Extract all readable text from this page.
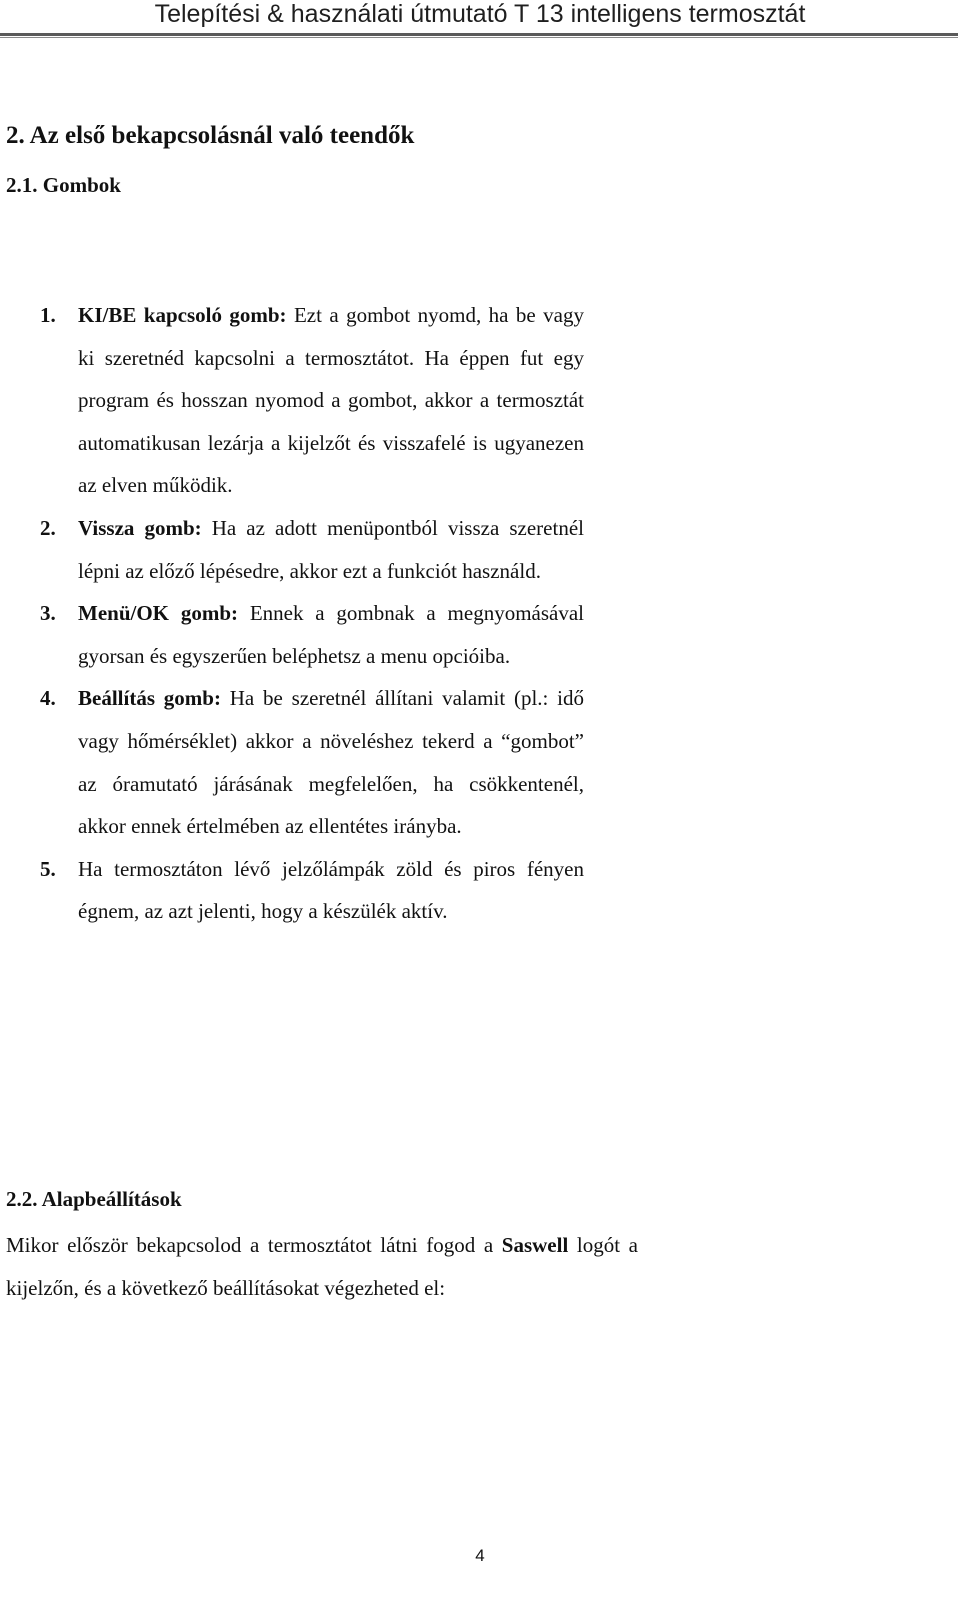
Telepítési & használati útmutató T 13 intelligens termosztát
2. Az első bekapcsolásnál való teendők
2.1. Gombok
1.	KI/BE kapcsoló gomb: Ezt a gombot nyomd, ha be vagy ki szeretnéd kapcsolni a termosztátot. Ha éppen fut egy program és hosszan nyomod a gombot, akkor a termosztát automatikusan lezárja a kijelzőt és visszafelé is ugyanezen az elven működik.
2.	Vissza gomb: Ha az adott menüpontból vissza szeretnél lépni az előző lépésedre, akkor ezt a funkciót használd.
3.	Menü/OK gomb: Ennek a gombnak a megnyomásával gyorsan és egyszerűen beléphetsz a menu opcióiba.
4.	Beállítás gomb: Ha be szeretnél állítani valamit (pl.: idő vagy hőmérséklet) akkor a növeléshez tekerd a “gombot” az óramutató járásának megfelelően, ha csökkentenél, akkor ennek értelmében az ellentétes irányba.
5.	Ha termosztáton lévő jelzőlámpák zöld és piros fényen égnem, az azt jelenti, hogy a készülék aktív.
2.2. Alapbeállítások
Mikor először bekapcsolod a termosztátot látni fogod a Saswell logót a kijelzőn, és a következő beállításokat végezheted el:
4
